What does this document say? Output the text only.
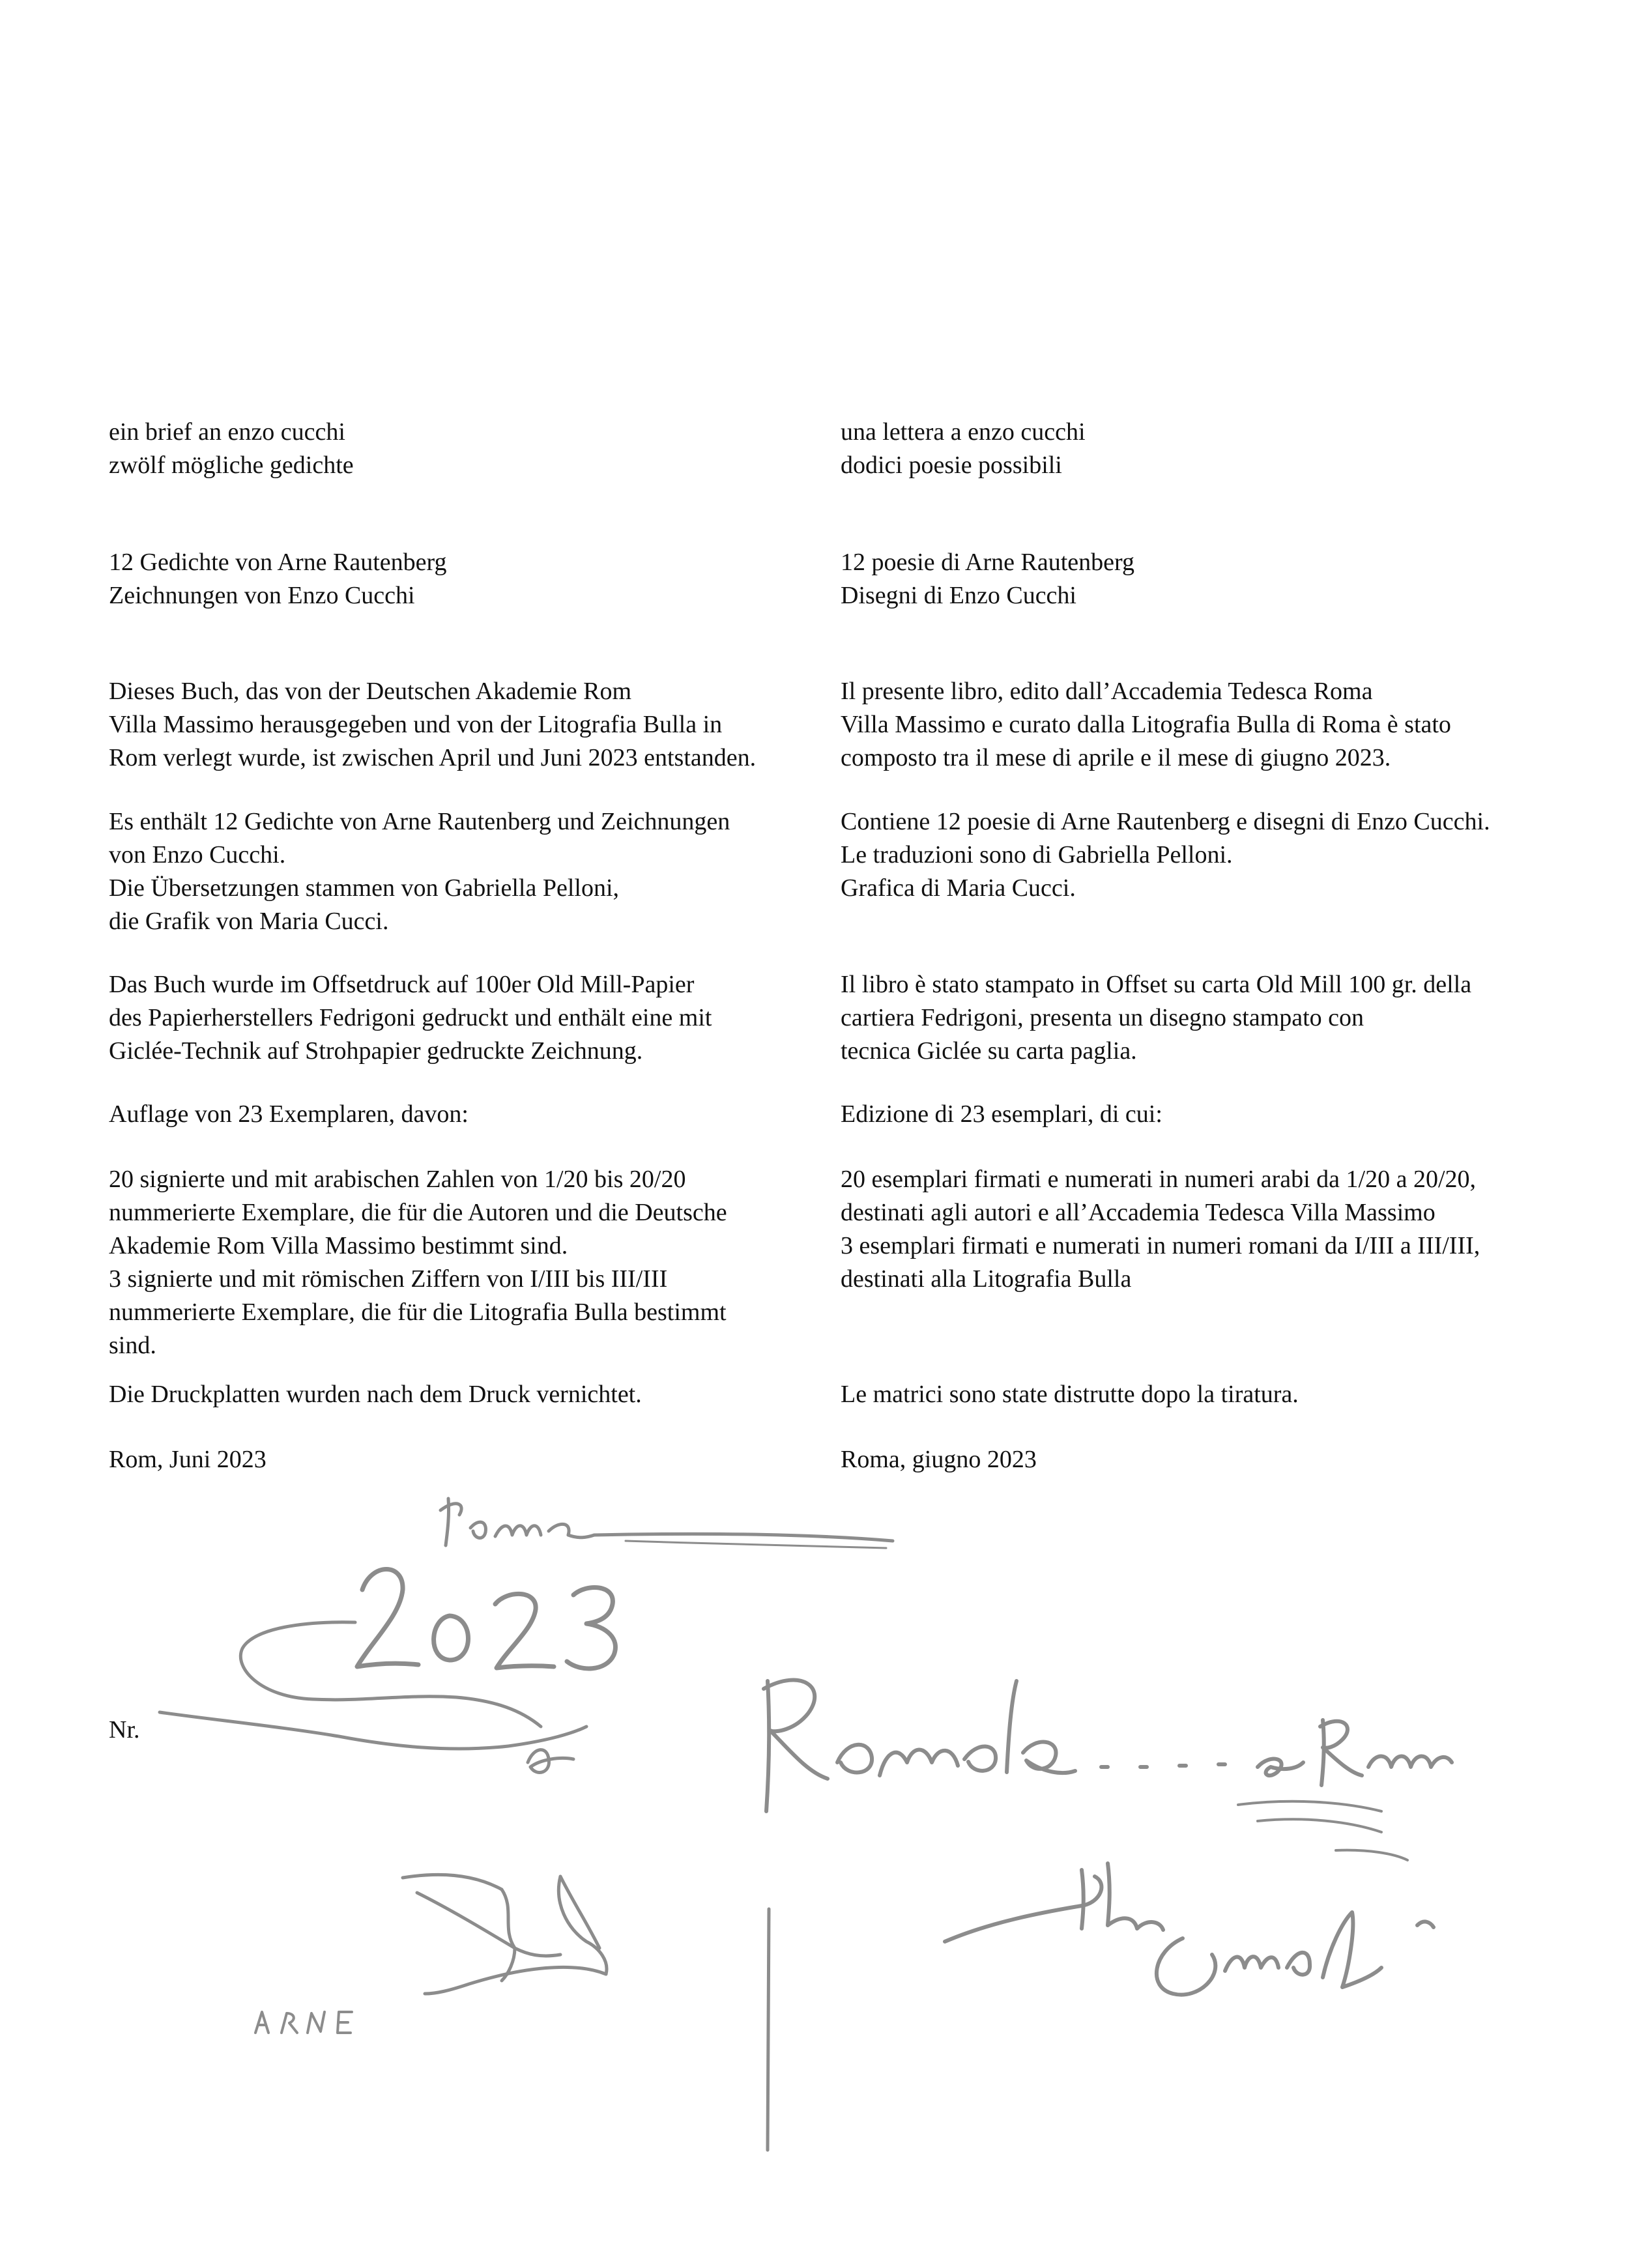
ein brief an enzo cucchi
zwölf mögliche gedichte
12 Gedichte von Arne Rautenberg
Zeichnungen von Enzo Cucchi
Dieses Buch, das von der Deutschen Akademie Rom
Villa Massimo herausgegeben und von der Litografia Bulla in
Rom verlegt wurde, ist zwischen April und Juni 2023 entstanden.
Es enthält 12 Gedichte von Arne Rautenberg und Zeichnungen
von Enzo Cucchi.
Die Übersetzungen stammen von Gabriella Pelloni,
die Grafik von Maria Cucci.
Das Buch wurde im Offsetdruck auf 100er Old Mill-Papier
des Papierherstellers Fedrigoni gedruckt und enthält eine mit
Giclée-Technik auf Strohpapier gedruckte Zeichnung.
Auflage von 23 Exemplaren, davon:
20 signierte und mit arabischen Zahlen von 1/20 bis 20/20
nummerierte Exemplare, die für die Autoren und die Deutsche
Akademie Rom Villa Massimo bestimmt sind.
3 signierte und mit römischen Ziffern von I/III bis III/III
nummerierte Exemplare, die für die Litografia Bulla bestimmt
sind.
Die Druckplatten wurden nach dem Druck vernichtet.
Rom, Juni 2023
una lettera a enzo cucchi
dodici poesie possibili
12 poesie di Arne Rautenberg
Disegni di Enzo Cucchi
Il presente libro, edito dall’Accademia Tedesca Roma
Villa Massimo e curato dalla Litografia Bulla di Roma è stato
composto tra il mese di aprile e il mese di giugno 2023.
Contiene 12 poesie di Arne Rautenberg e disegni di Enzo Cucchi.
Le traduzioni sono di Gabriella Pelloni.
Grafica di Maria Cucci.
Il libro è stato stampato in Offset su carta Old Mill 100 gr. della
cartiera Fedrigoni, presenta un disegno stampato con
tecnica Giclée su carta paglia.
Edizione di 23 esemplari, di cui:
20 esemplari firmati e numerati in numeri arabi da 1/20 a 20/20,
destinati agli autori e all’Accademia Tedesca Villa Massimo
3 esemplari firmati e numerati in numeri romani da I/III a III/III,
destinati alla Litografia Bulla
Le matrici sono state distrutte dopo la tiratura.
Roma, giugno 2023
Nr.
